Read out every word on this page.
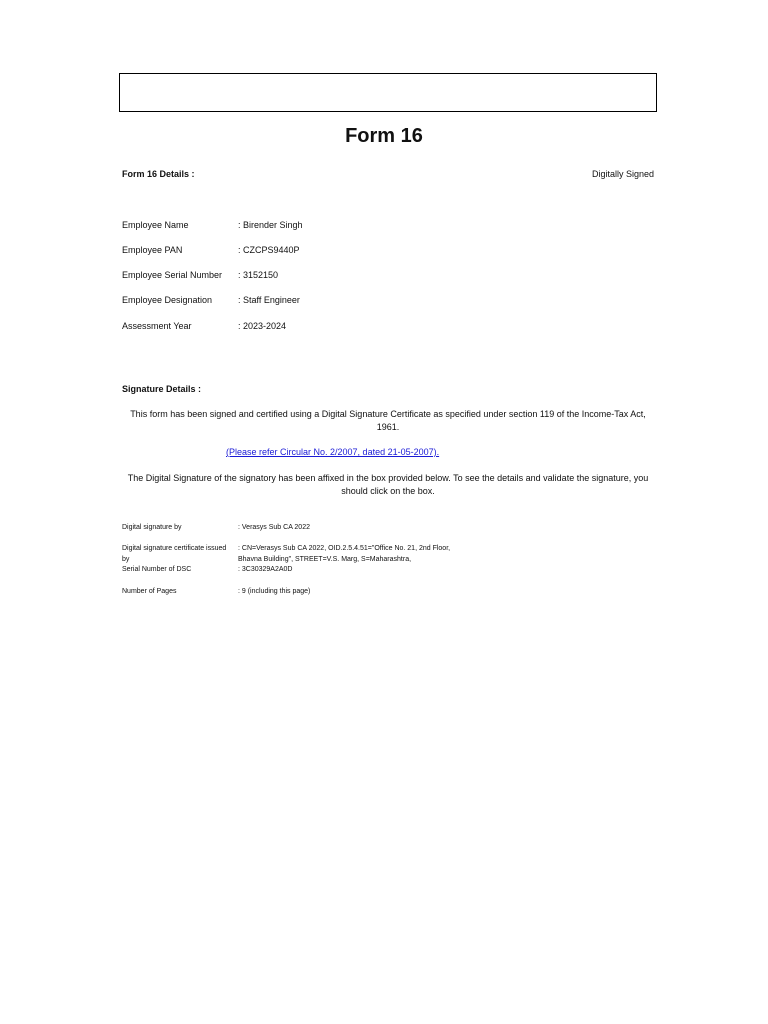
Form 16
Form 16 Details :	Digitally Signed
Employee Name	: Birender Singh
Employee PAN	: CZCPS9440P
Employee Serial Number : 3152150
Employee Designation	: Staff Engineer
Assessment Year	: 2023-2024
Signature Details :
This form has been signed and certified using a Digital Signature Certificate as specified under section 119 of the Income-Tax Act, 1961.
(Please refer Circular No. 2/2007, dated 21-05-2007).
The Digital Signature of the signatory has been affixed in the box provided below. To see the details and validate the signature, you should click on the box.
Digital signature by	: Verasys Sub CA 2022
Digital signature certificate issued by
: CN=Verasys Sub CA 2022, OID.2.5.4.51="Office No. 21, 2nd Floor, Bhavna Building", STREET=V.S. Marg, S=Maharashtra,
Serial Number of DSC	: 3C30329A2A0D
Number of Pages	: 9 (including this page)
